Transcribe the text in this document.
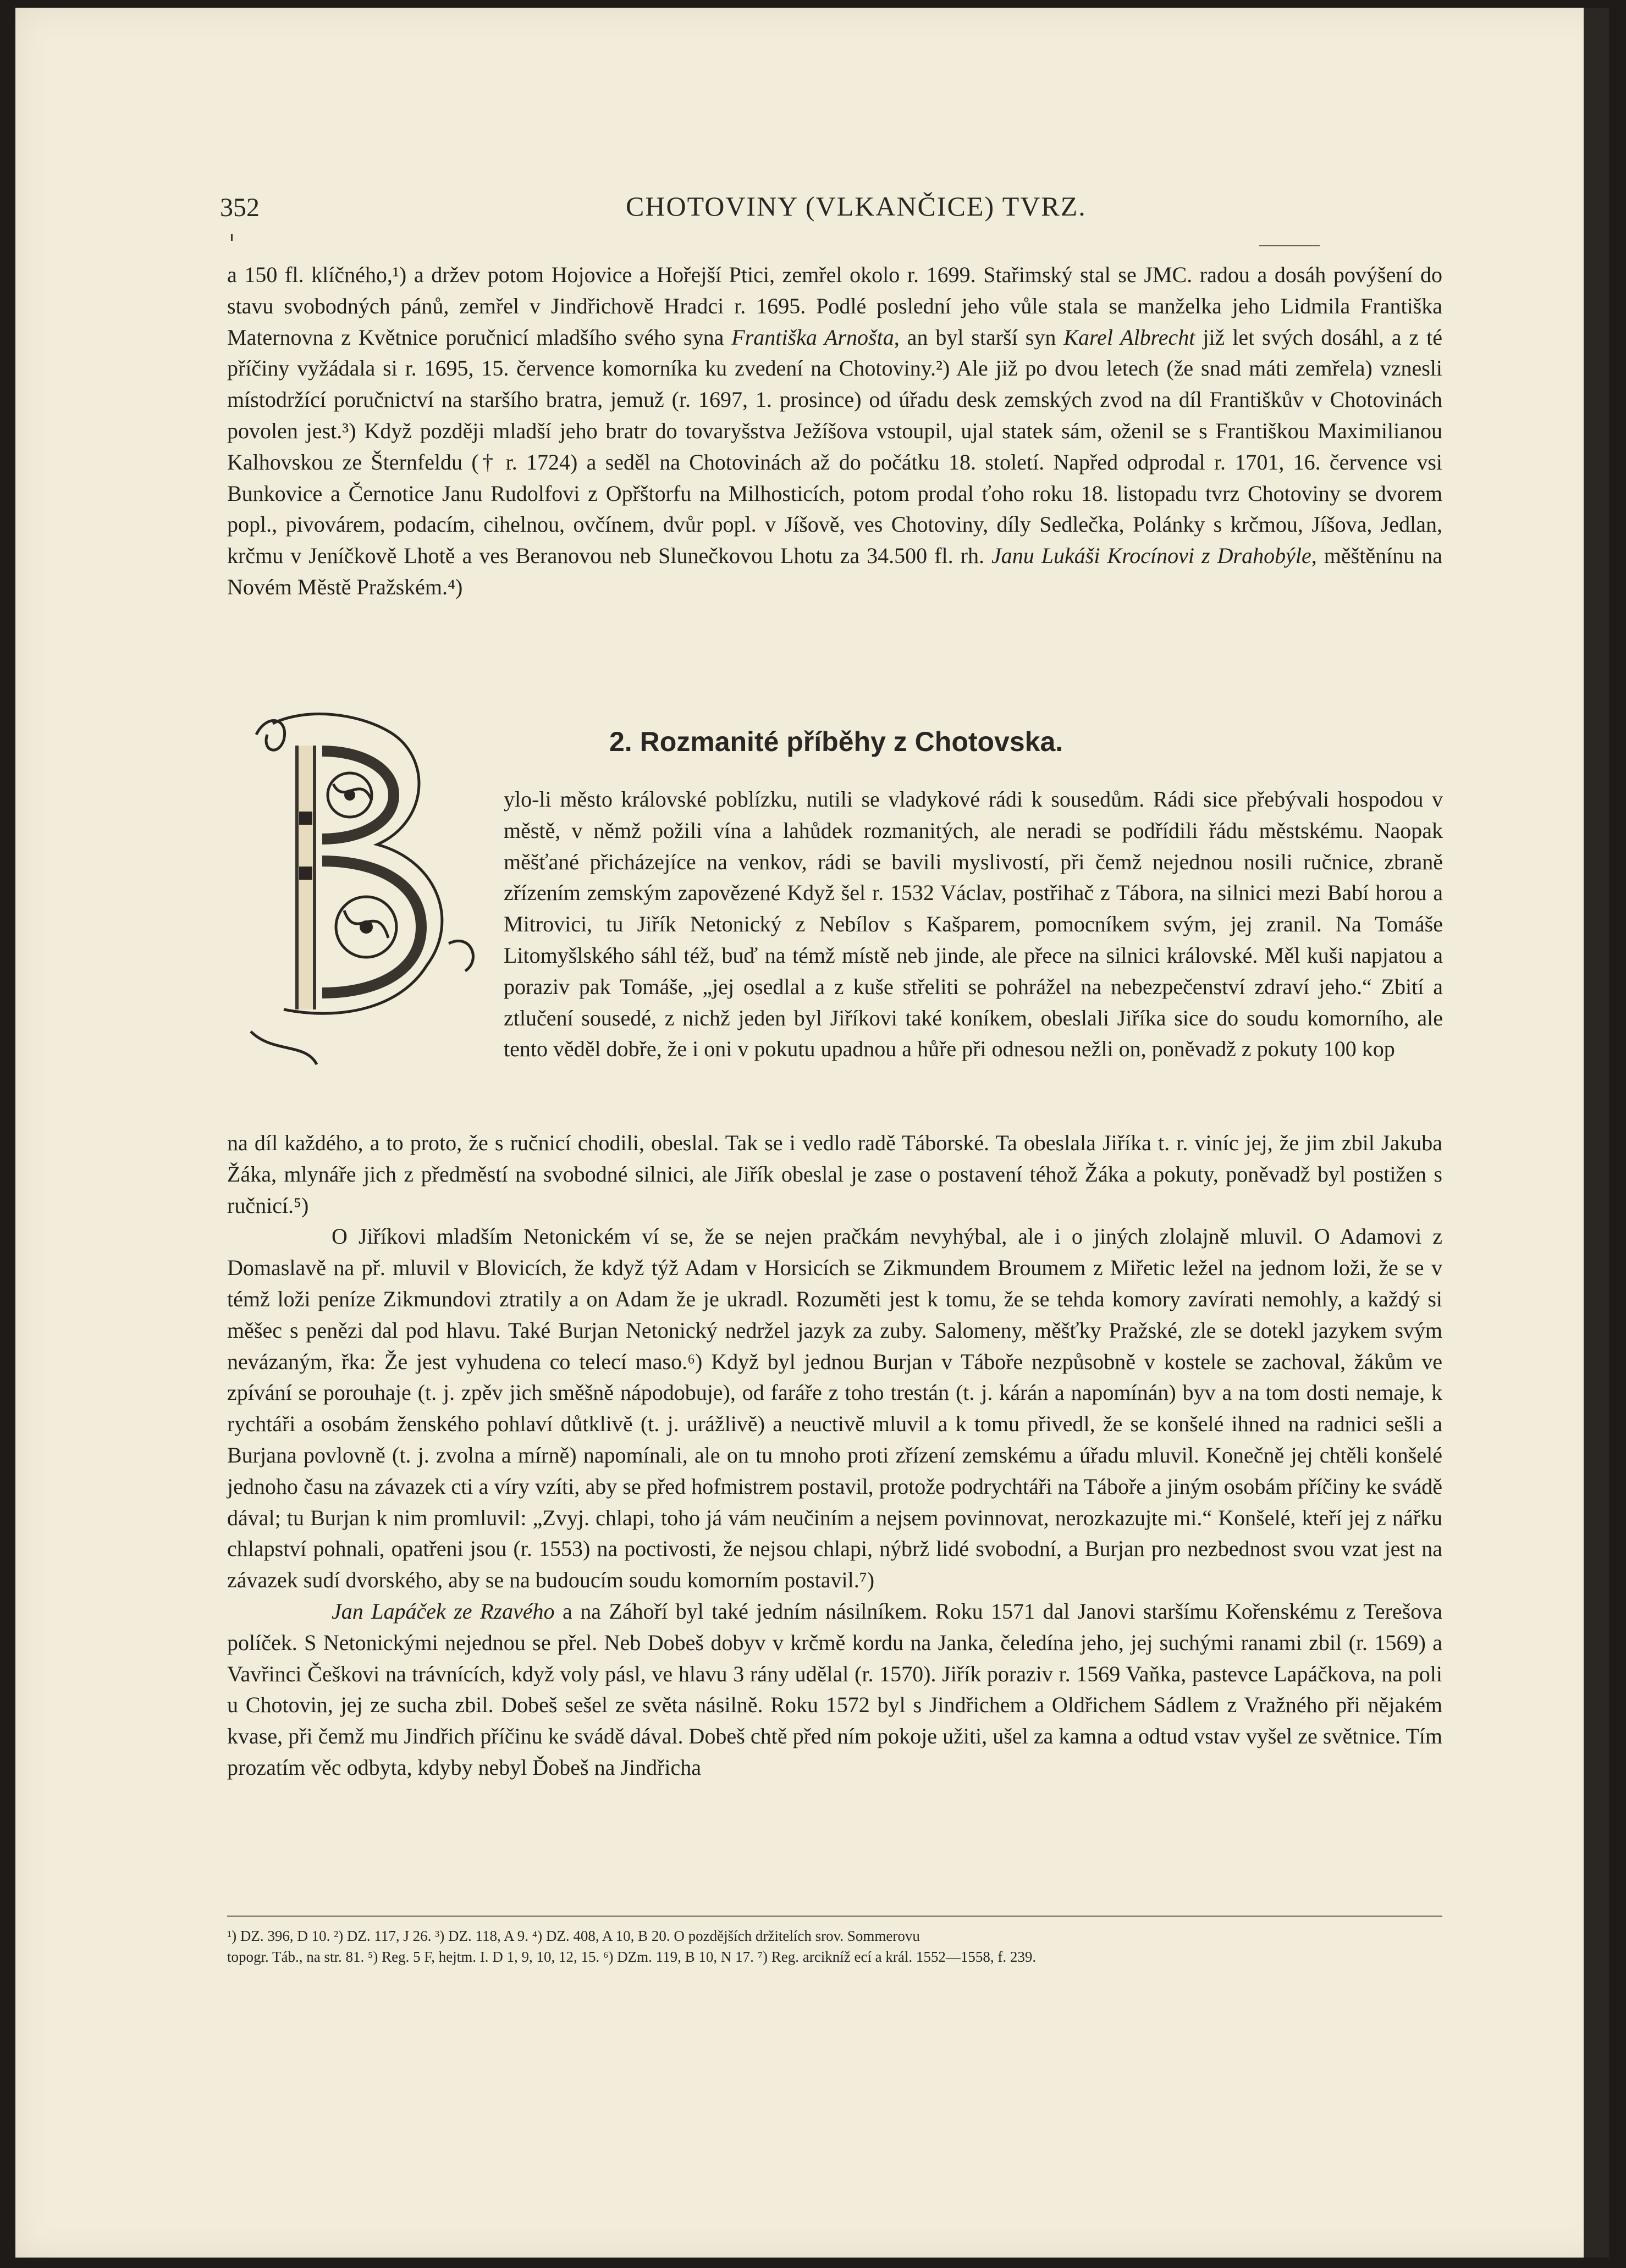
352	CHOTOVINY (VLKANČICE) TVRZ.

a 150 fl. klíčného,¹) a držev potom Hojovice a Hořejší Ptici, zemřel okolo r. 1699. Stařimský stal se JMC. radou a dosáh povýšení do stavu svobodných pánů, zemřel v Jindřichově Hradci r. 1695. Podlé poslední jeho vůle stala se manželka jeho Lidmila Františka Maternovna z Květnice poručnicí mladšího svého syna Františka Arnošta, an byl starší syn Karel Albrecht již let svých dosáhl, a z té příčiny vyžádala si r. 1695, 15. července komorníka ku zvedení na Chotoviny.²) Ale již po dvou letech (že snad máti zemřela) vznesli místodržící poručnictví na staršího bratra, jemuž (r. 1697, 1. prosince) od úřadu desk zemských zvod na díl Františkův v Chotovinách povolen jest.³) Když později mladší jeho bratr do tovaryšstva Ježíšova vstoupil, ujal statek sám, oženil se s Františkou Maximilianou Kalhovskou ze Šternfeldu († r. 1724) a seděl na Chotovinách až do počátku 18. století. Napřed odprodal r. 1701, 16. července vsi Bunkovice a Černotice Janu Rudolfovi z Opřštorfu na Milhosticích, potom prodal ťoho roku 18. listopadu tvrz Chotoviny se dvorem popl., pivovárem, podacím, cihelnou, ovčínem, dvůr popl. v Jíšově, ves Chotoviny, díly Sedlečka, Polánky s krčmou, Jíšova, Jedlan, krčmu v Jeníčkově Lhotě a ves Beranovou neb Slunečkovou Lhotu za 34.500 fl. rh. Janu Lukáši Krocínovi z Drahobýle, měštěnínu na Novém Městě Pražském.⁴)

2. Rozmanité příběhy z Chotovska.

ylo-li město královské poblízku, nutili se vladykové rádi k sousedům. Rádi sice přebývali hospodou v městě, v němž požili vína a lahůdek rozmanitých, ale neradi se podřídili řádu městskému. Naopak měšťané přicházejíce na venkov, rádi se bavili myslivostí, při čemž nejednou nosili ručnice, zbraně zřízením zemským zapovězené Když šel r. 1532 Václav, postřihač z Tábora, na silnici mezi Babí horou a Mitrovici, tu Jiřík Netonický z Nebílov s Kašparem, pomocníkem svým, jej zranil. Na Tomáše Litomyšlského sáhl též, buď na témž místě neb jinde, ale přece na silnici královské. Měl kuši napjatou a poraziv pak Tomáše, „jej osedlal a z kuše střeliti se pohrážel na nebezpečenství zdraví jeho.“ Zbití a ztlučení sousedé, z nichž jeden byl Jiříkovi také koníkem, obeslali Jiříka sice do soudu komorního, ale tento věděl dobře, že i oni v pokutu upadnou a hůře při odnesou nežli on, poněvadž z pokuty 100 kop

na díl každého, a to proto, že s ručnicí chodili, obeslal. Tak se i vedlo radě Táborské. Ta obeslala Jiříka t. r. viníc jej, že jim zbil Jakuba Žáka, mlynáře jich z předměstí na svobodné silnici, ale Jiřík obeslal je zase o postavení téhož Žáka a pokuty, poněvadž byl postižen s ručnicí.⁵)

O Jiříkovi mladším Netonickém ví se, že se nejen pračkám nevyhýbal, ale i o jiných zlolajně mluvil. O Adamovi z Domaslavě na př. mluvil v Blovicích, že když týž Adam v Horsicích se Zikmundem Broumem z Miřetic ležel na jednom loži, že se v témž loži peníze Zikmundovi ztratily a on Adam že je ukradl. Rozuměti jest k tomu, že se tehda komory zavírati nemohly, a každý si měšec s penězi dal pod hlavu. Také Burjan Netonický nedržel jazyk za zuby. Salomeny, měšťky Pražské, zle se dotekl jazykem svým nevázaným, řka: Že jest vyhudena co telecí maso.⁶) Když byl jednou Burjan v Táboře nezpůsobně v kostele se zachoval, žákům ve zpívání se porouhaje (t. j. zpěv jich směšně nápodobuje), od faráře z toho trestán (t. j. kárán a napomínán) byv a na tom dosti nemaje, k rychtáři a osobám ženského pohlaví důtklivě (t. j. urážlivě) a neuctivě mluvil a k tomu přivedl, že se konšelé ihned na radnici sešli a Burjana povlovně (t. j. zvolna a mírně) napomínali, ale on tu mnoho proti zřízení zemskému a úřadu mluvil. Konečně jej chtěli konšelé jednoho času na závazek cti a víry vzíti, aby se před hofmistrem postavil, protože podrychtáři na Táboře a jiným osobám příčiny ke svádě dával; tu Burjan k nim promluvil: „Zvyj. chlapi, toho já vám neučiním a nejsem povinnovat, nerozkazujte mi.“ Konšelé, kteří jej z nářku chlapství pohnali, opatřeni jsou (r. 1553) na poctivosti, že nejsou chlapi, nýbrž lidé svobodní, a Burjan pro nezbednost svou vzat jest na závazek sudí dvorského, aby se na budoucím soudu komorním postavil.⁷)

Jan Lapáček ze Rzavého a na Záhoří byl také jedním násilníkem. Roku 1571 dal Janovi staršímu Kořenskému z Terešova políček. S Netonickými nejednou se přel. Neb Dobeš dobyv v krčmě kordu na Janka, čeledína jeho, jej suchými ranami zbil (r. 1569) a Vavřinci Češkovi na trávnících, když voly pásl, ve hlavu 3 rány udělal (r. 1570). Jiřík poraziv r. 1569 Vaňka, pastevce Lapáčkova, na poli u Chotovin, jej ze sucha zbil. Dobeš sešel ze světa násilně. Roku 1572 byl s Jindřichem a Oldřichem Sádlem z Vražného při nějakém kvase, při čemž mu Jindřich příčinu ke svádě dával. Dobeš chtě před ním pokoje užiti, ušel za kamna a odtud vstav vyšel ze světnice. Tím prozatím věc odbyta, kdyby nebyl Ďobeš na Jindřicha

¹) DZ. 396, D 10. ²) DZ. 117, J 26. ³) DZ. 118, A 9. ⁴) DZ. 408, A 10, B 20. O pozdějších držitelích srov. Sommerovu
topogr. Táb., na str. 81. ⁵) Reg. 5 F, hejtm. I. D 1, 9, 10, 12, 15. ⁶) DZm. 119, B 10, N 17. ⁷) Reg. arcikníž ecí a král. 1552—1558, f. 239.
